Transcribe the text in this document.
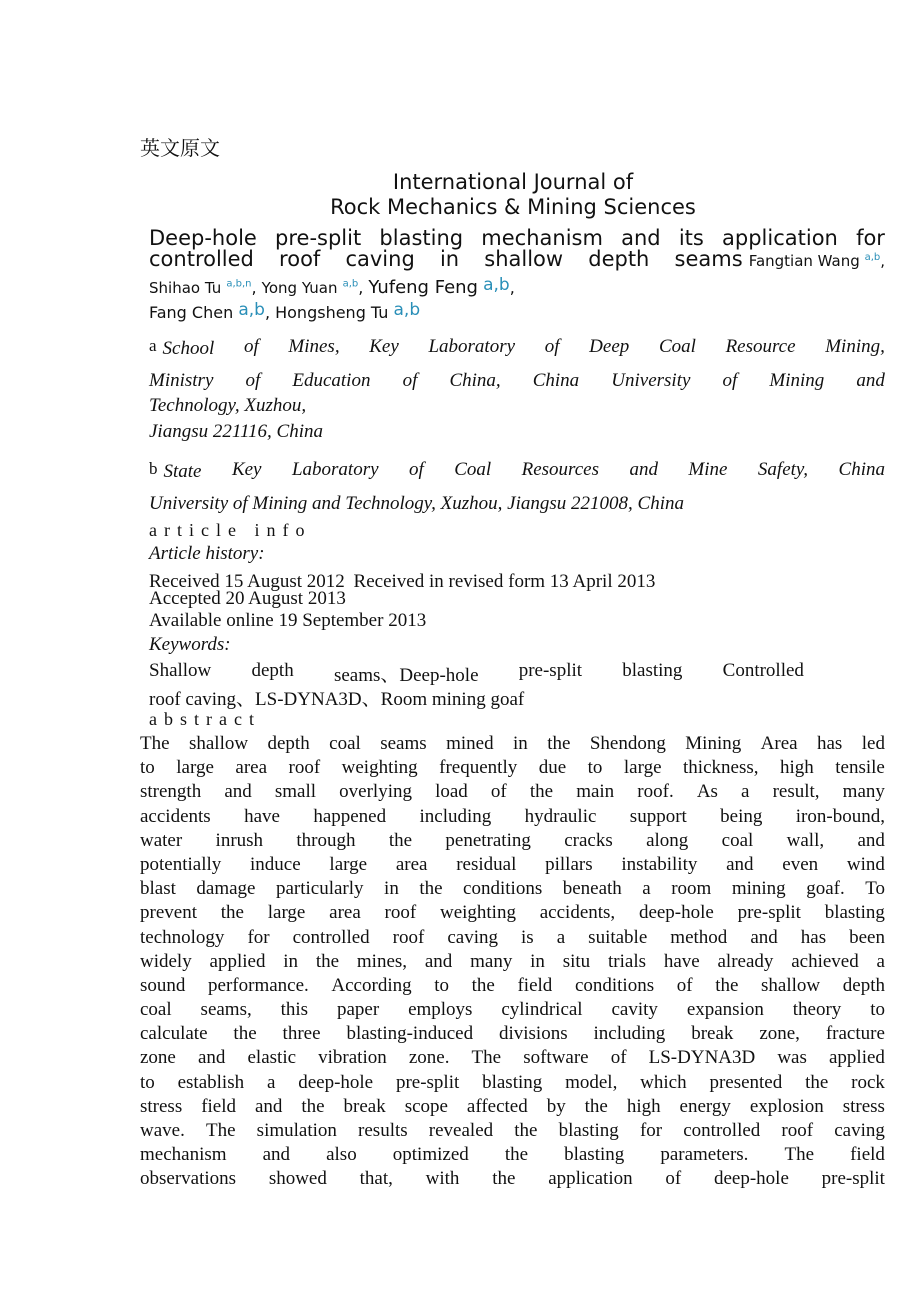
英文原文
International Journal of
Rock Mechanics & Mining Sciences
Deep-hole pre-split blasting mechanism and its application for
controlled roof caving in shallow depth seams Fangtian Wang $^{a,b}$,
Shihao Tu $^{a,b,n}$, Yong Yuan $^{a,b}$, Yufeng Feng a,b,
Fang Chen a,b, Hongsheng Tu a,b
a School of Mines, Key Laboratory of Deep Coal Resource Mining,
Ministry of Education of China, China University of Mining and
Technology, Xuzhou,
Jiangsu 221116, China
b State Key Laboratory of Coal Resources and Mine Safety, China
University of Mining and Technology, Xuzhou, Jiangsu 221008, China
article info
Article history:
Received 15 August 2012 Received in revised form 13 April 2013
Accepted 20 August 2013
Available online 19 September 2013
Keywords:
Shallow depth seams、Deep-hole pre-split blasting Controlled
roof caving、LS-DYNA3D、Room mining goaf
abstract
The shallow depth coal seams mined in the Shendong Mining Area has led
to large area roof weighting frequently due to large thickness, high tensile
strength and small overlying load of the main roof. As a result, many
accidents have happened including hydraulic support being iron-bound,
water inrush through the penetrating cracks along coal wall, and
potentially induce large area residual pillars instability and even wind
blast damage particularly in the conditions beneath a room mining goaf. To
prevent the large area roof weighting accidents, deep-hole pre-split blasting
technology for controlled roof caving is a suitable method and has been
widely applied in the mines, and many in situ trials have already achieved a
sound performance. According to the field conditions of the shallow depth
coal seams, this paper employs cylindrical cavity expansion theory to
calculate the three blasting-induced divisions including break zone, fracture
zone and elastic vibration zone. The software of LS-DYNA3D was applied
to establish a deep-hole pre-split blasting model, which presented the rock
stress field and the break scope affected by the high energy explosion stress
wave. The simulation results revealed the blasting for controlled roof caving
mechanism and also optimized the blasting parameters. The field
observations showed that, with the application of deep-hole pre-split
